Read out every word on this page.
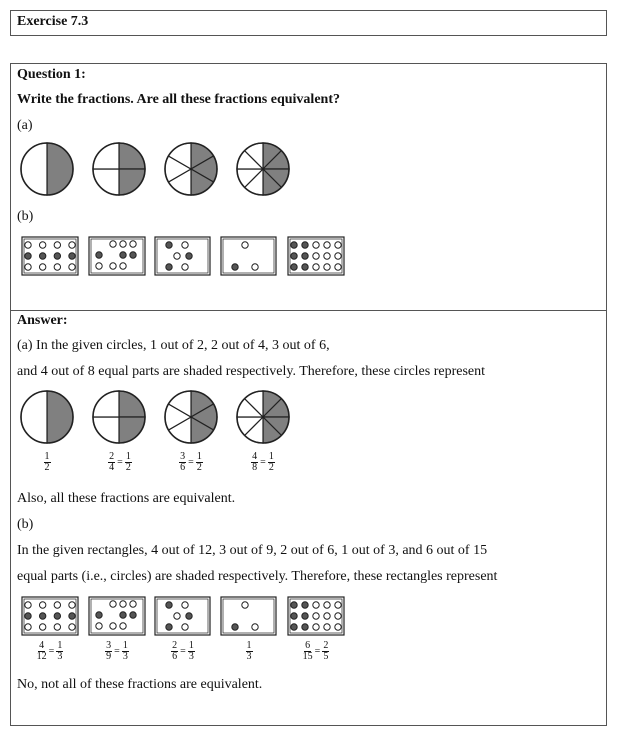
Exercise 7.3
Question 1:
Write the fractions. Are all these fractions equivalent?
(a)
(b)
Answer:
(a) In the given circles, 1 out of 2, 2 out of 4, 3 out of 6,
and 4 out of 8 equal parts are shaded respectively. Therefore, these circles represent
$\frac{1}{2}$	$\frac{2}{4} = \frac{1}{2}$	$\frac{3}{6} = \frac{1}{2}$	$\frac{4}{8} = \frac{1}{2}$
Also, all these fractions are equivalent.
(b)
In the given rectangles, 4 out of 12, 3 out of 9, 2 out of 6, 1 out of 3, and 6 out of 15
equal parts (i.e., circles) are shaded respectively. Therefore, these rectangles represent
$\frac{4}{12} = \frac{1}{3}$	$\frac{3}{9} = \frac{1}{3}$	$\frac{2}{6} = \frac{1}{3}$	$\frac{1}{3}$	$\frac{6}{15} = \frac{2}{5}$
No, not all of these fractions are equivalent.
